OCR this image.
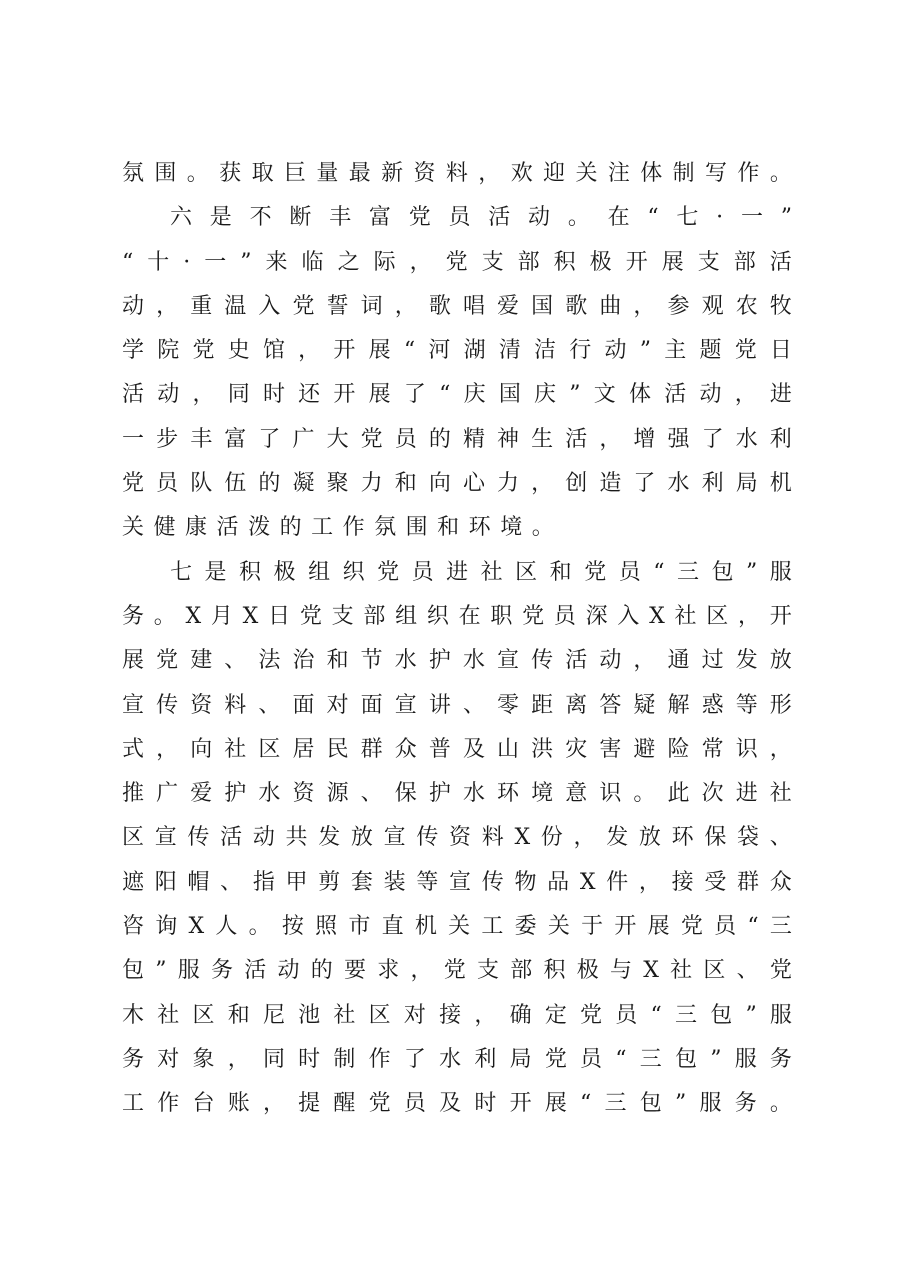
氛 围 。 获 取 巨 量 最 新 资 料 ， 欢 迎 关 注 体 制 写 作 。
六 是 不 断 丰 富 党 员 活 动 。 在 “ 七 · 一 ”
“ 十 · 一 ” 来 临 之 际 ， 党 支 部 积 极 开 展 支 部 活
动 ， 重 温 入 党 誓 词 ， 歌 唱 爱 国 歌 曲 ， 参 观 农 牧
学 院 党 史 馆 ， 开 展 “ 河 湖 清 洁 行 动 ” 主 题 党 日
活 动 ， 同 时 还 开 展 了 “ 庆 国 庆 ” 文 体 活 动 ， 进
一 步 丰 富 了 广 大 党 员 的 精 神 生 活 ， 增 强 了 水 利
党 员 队 伍 的 凝 聚 力 和 向 心 力 ， 创 造 了 水 利 局 机
关 健 康 活 泼 的 工 作 氛 围 和 环 境 。
七 是 积 极 组 织 党 员 进 社 区 和 党 员 “ 三 包 ” 服
务 。 X 月 X 日 党 支 部 组 织 在 职 党 员 深 入 X 社 区 ， 开
展 党 建 、 法 治 和 节 水 护 水 宣 传 活 动 ， 通 过 发 放
宣 传 资 料 、 面 对 面 宣 讲 、 零 距 离 答 疑 解 惑 等 形
式 ， 向 社 区 居 民 群 众 普 及 山 洪 灾 害 避 险 常 识 ，
推 广 爱 护 水 资 源 、 保 护 水 环 境 意 识 。 此 次 进 社
区 宣 传 活 动 共 发 放 宣 传 资 料 X 份 ， 发 放 环 保 袋 、
遮 阳 帽 、 指 甲 剪 套 装 等 宣 传 物 品 X 件 ， 接 受 群 众
咨 询 X 人 。 按 照 市 直 机 关 工 委 关 于 开 展 党 员 “ 三
包 ” 服 务 活 动 的 要 求 ， 党 支 部 积 极 与 X 社 区 、 党
木 社 区 和 尼 池 社 区 对 接 ， 确 定 党 员 “ 三 包 ” 服
务 对 象 ， 同 时 制 作 了 水 利 局 党 员 “ 三 包 ” 服 务
工 作 台 账 ， 提 醒 党 员 及 时 开 展 “ 三 包 ” 服 务 。
